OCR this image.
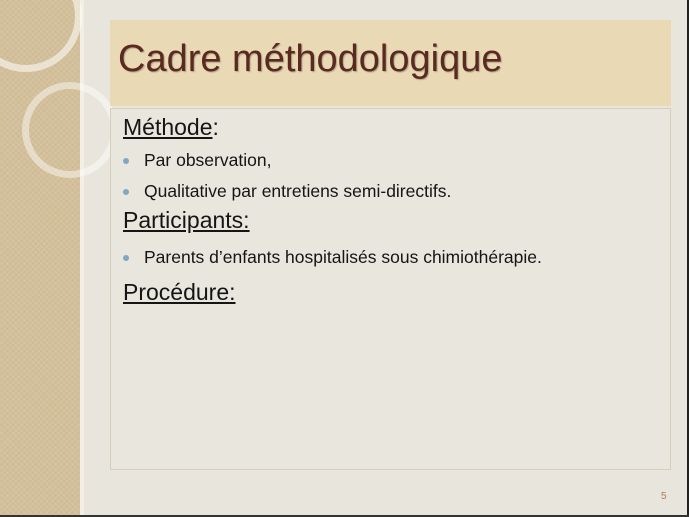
Cadre méthodologique
Méthode:
Par observation,
Qualitative par entretiens semi-directifs.
Participants:
Parents d’enfants hospitalisés sous chimiothérapie.
Procédure:
5
